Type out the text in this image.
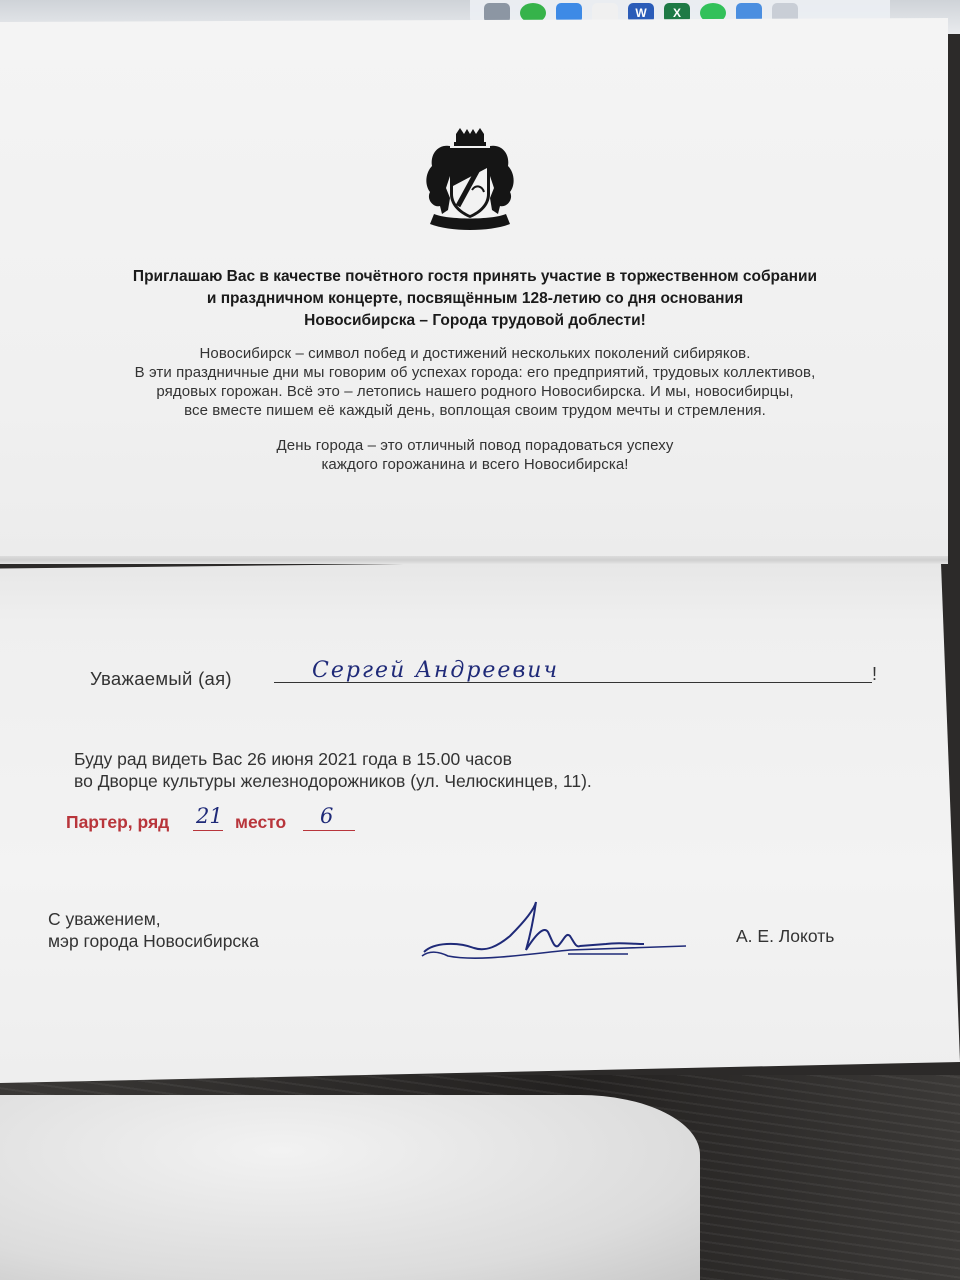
W	X

Приглашаю Вас в качестве почётного гостя принять участие в торжественном собрании
и праздничном концерте, посвящённым 128-летию со дня основания
Новосибирска – Города трудовой доблести!

Новосибирск – символ побед и достижений нескольких поколений сибиряков.
В эти праздничные дни мы говорим об успехах города: его предприятий, трудовых коллективов,
рядовых горожан. Всё это – летопись нашего родного Новосибирска. И мы, новосибирцы,
все вместе пишем её каждый день, воплощая своим трудом мечты и стремления.

День города – это отличный повод порадоваться успеху
каждого горожанина и всего Новосибирска!

Уважаемый (ая)	Сергей Андреевич	!

Буду рад видеть Вас 26 июня 2021 года в 15.00 часов
во Дворце культуры железнодорожников (ул. Челюскинцев, 11).

Партер, ряд 21 место 6

С уважением,
мэр города Новосибирска	А. Е. Локоть
